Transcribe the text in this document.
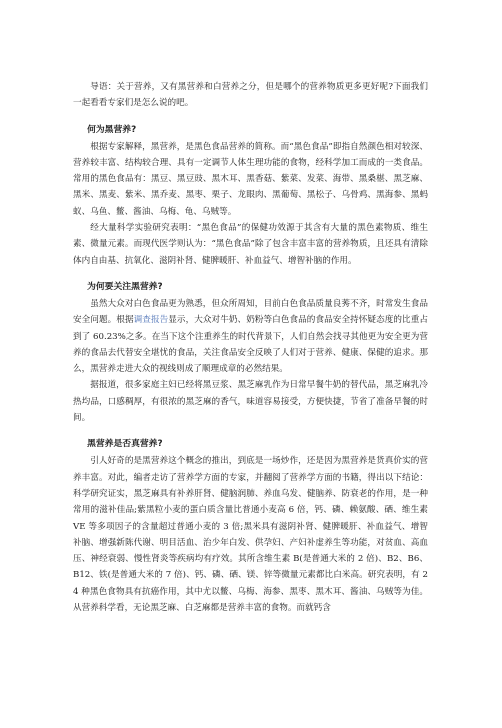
导语：关于营养，又有黑营养和白营养之分，但是哪个的营养物质更多更好呢?下面我们一起看看专家们是怎么说的吧。

何为黑营养?

根据专家解释，黑营养，是黑色食品营养的简称。而“黑色食品”即指自然颜色相对较深、营养较丰富、结构较合理、具有一定调节人体生理功能的食物，经科学加工而成的一类食品。常用的黑色食品有：黑豆、黑豆豉、黑木耳、黑香菇、紫菜、发菜、海带、黑桑椹、黑芝麻、黑米、黑麦、紫米、黑乔麦、黑枣、栗子、龙眼肉、黑葡萄、黑松子、乌骨鸡、黑海参、黑蚂蚁、乌鱼、鳖、酱油、乌梅、龟、乌贼等。

经大量科学实验研究表明：“黑色食品”的保健功效源于其含有大量的黑色素物质、维生素、微量元素。而现代医学则认为：“黑色食品”除了包含丰富丰富的营养物质，且还具有清除体内自由基、抗氧化、滋阴补肾、健脾暖肝、补血益气、增智补脑的作用。

为何要关注黑营养?

虽然大众对白色食品更为熟悉，但众所周知，目前白色食品质量良莠不齐，时常发生食品安全问题。根据调查报告显示，大众对牛奶、奶粉等白色食品的食品安全持怀疑态度的比重占到了 60.23%之多。在当下这个注重养生的时代背景下，人们自然会找寻其他更为安全更为营养的食品去代替安全堪忧的食品，关注食品安全反映了人们对于营养、健康、保健的追求。那么，黑营养走进大众的视线则成了顺理成章的必然结果。

据报道，很多家庭主妇已经将黑豆浆、黑芝麻乳作为日常早餐牛奶的替代品，黑芝麻乳冷热均品，口感稠厚，有很浓的黑芝麻的香气，味道容易接受，方便快捷，节省了准备早餐的时间。

黑营养是否真营养?

引人好奇的是黑营养这个概念的推出，到底是一场炒作，还是因为黑营养是货真价实的营养丰富。对此，编者走访了营养学方面的专家，并翻阅了营养学方面的书籍，得出以下结论：科学研究证实，黑芝麻具有补养肝肾、健脑润肺、养血乌发、健脑养、防衰老的作用，是一种常用的滋补佳品;紫黑粒小麦的蛋白质含量比普通小麦高 6 倍，钙、磷、赖氨酸、硒、维生素 VE 等多项因子的含量超过普通小麦的 3 倍;黑米具有滋阴补肾、健脾暖肝、补血益气、增智补脑、增强新陈代谢、明目活血、治少年白发、供孕妇、产妇补虚养生等功能，对贫血、高血压、神经衰弱、慢性肾炎等疾病均有疗效。其所含维生素 B(是普通大米的 2 倍)、B2、B6、B12、铁(是普通大米的 7 倍)、钙、磷、硒、镁、锌等微量元素都比白米高。研究表明，有 24 种黑色食物具有抗癌作用，其中尤以鳖、乌梅、海参、黑枣、黑木耳、酱油、乌贼等为佳。从营养科学看，无论黑芝麻、白芝麻都是营养丰富的食物。而就钙含
